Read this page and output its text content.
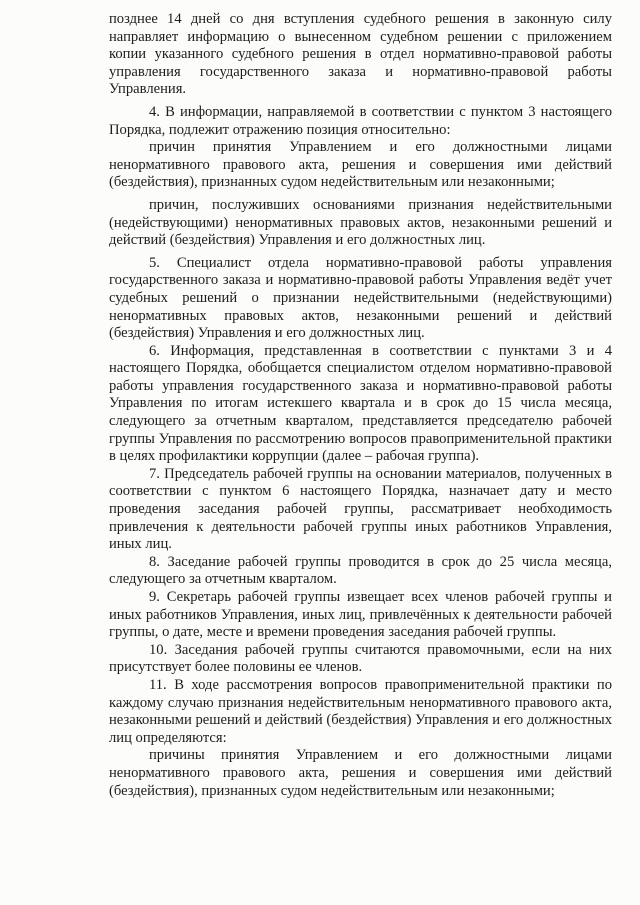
позднее 14 дней со дня вступления судебного решения в законную силу направляет информацию о вынесенном судебном решении с приложением копии указанного судебного решения в отдел нормативно-правовой работы управления государственного заказа и нормативно-правовой работы Управления.

4. В информации, направляемой в соответствии с пунктом 3 настоящего Порядка, подлежит отражению позиция относительно:

причин принятия Управлением и его должностными лицами ненормативного правового акта, решения и совершения ими действий (бездействия), признанных судом недействительным или незаконными;

причин, послуживших основаниями признания недействительными (недействующими) ненормативных правовых актов, незаконными решений и действий (бездействия) Управления и его должностных лиц.

5. Специалист отдела нормативно-правовой работы управления государственного заказа и нормативно-правовой работы Управления ведёт учет судебных решений о признании недействительными (недействующими) ненормативных правовых актов, незаконными решений и действий (бездействия) Управления и его должностных лиц.

6. Информация, представленная в соответствии с пунктами 3 и 4 настоящего Порядка, обобщается специалистом отделом нормативно-правовой работы управления государственного заказа и нормативно-правовой работы Управления по итогам истекшего квартала и в срок до 15 числа месяца, следующего за отчетным кварталом, представляется председателю рабочей группы Управления по рассмотрению вопросов правоприменительной практики в целях профилактики коррупции (далее – рабочая группа).

7. Председатель рабочей группы на основании материалов, полученных в соответствии с пунктом 6 настоящего Порядка, назначает дату и место проведения заседания рабочей группы, рассматривает необходимость привлечения к деятельности рабочей группы иных работников Управления, иных лиц.

8. Заседание рабочей группы проводится в срок до 25 числа месяца, следующего за отчетным кварталом.

9. Секретарь рабочей группы извещает всех членов рабочей группы и иных работников Управления, иных лиц, привлечённых к деятельности рабочей группы, о дате, месте и времени проведения заседания рабочей группы.

10. Заседания рабочей группы считаются правомочными, если на них присутствует более половины ее членов.

11. В ходе рассмотрения вопросов правоприменительной практики по каждому случаю признания недействительным ненормативного правового акта, незаконными решений и действий (бездействия) Управления и его должностных лиц определяются:

причины принятия Управлением и его должностными лицами ненормативного правового акта, решения и совершения ими действий (бездействия), признанных судом недействительным или незаконными;
